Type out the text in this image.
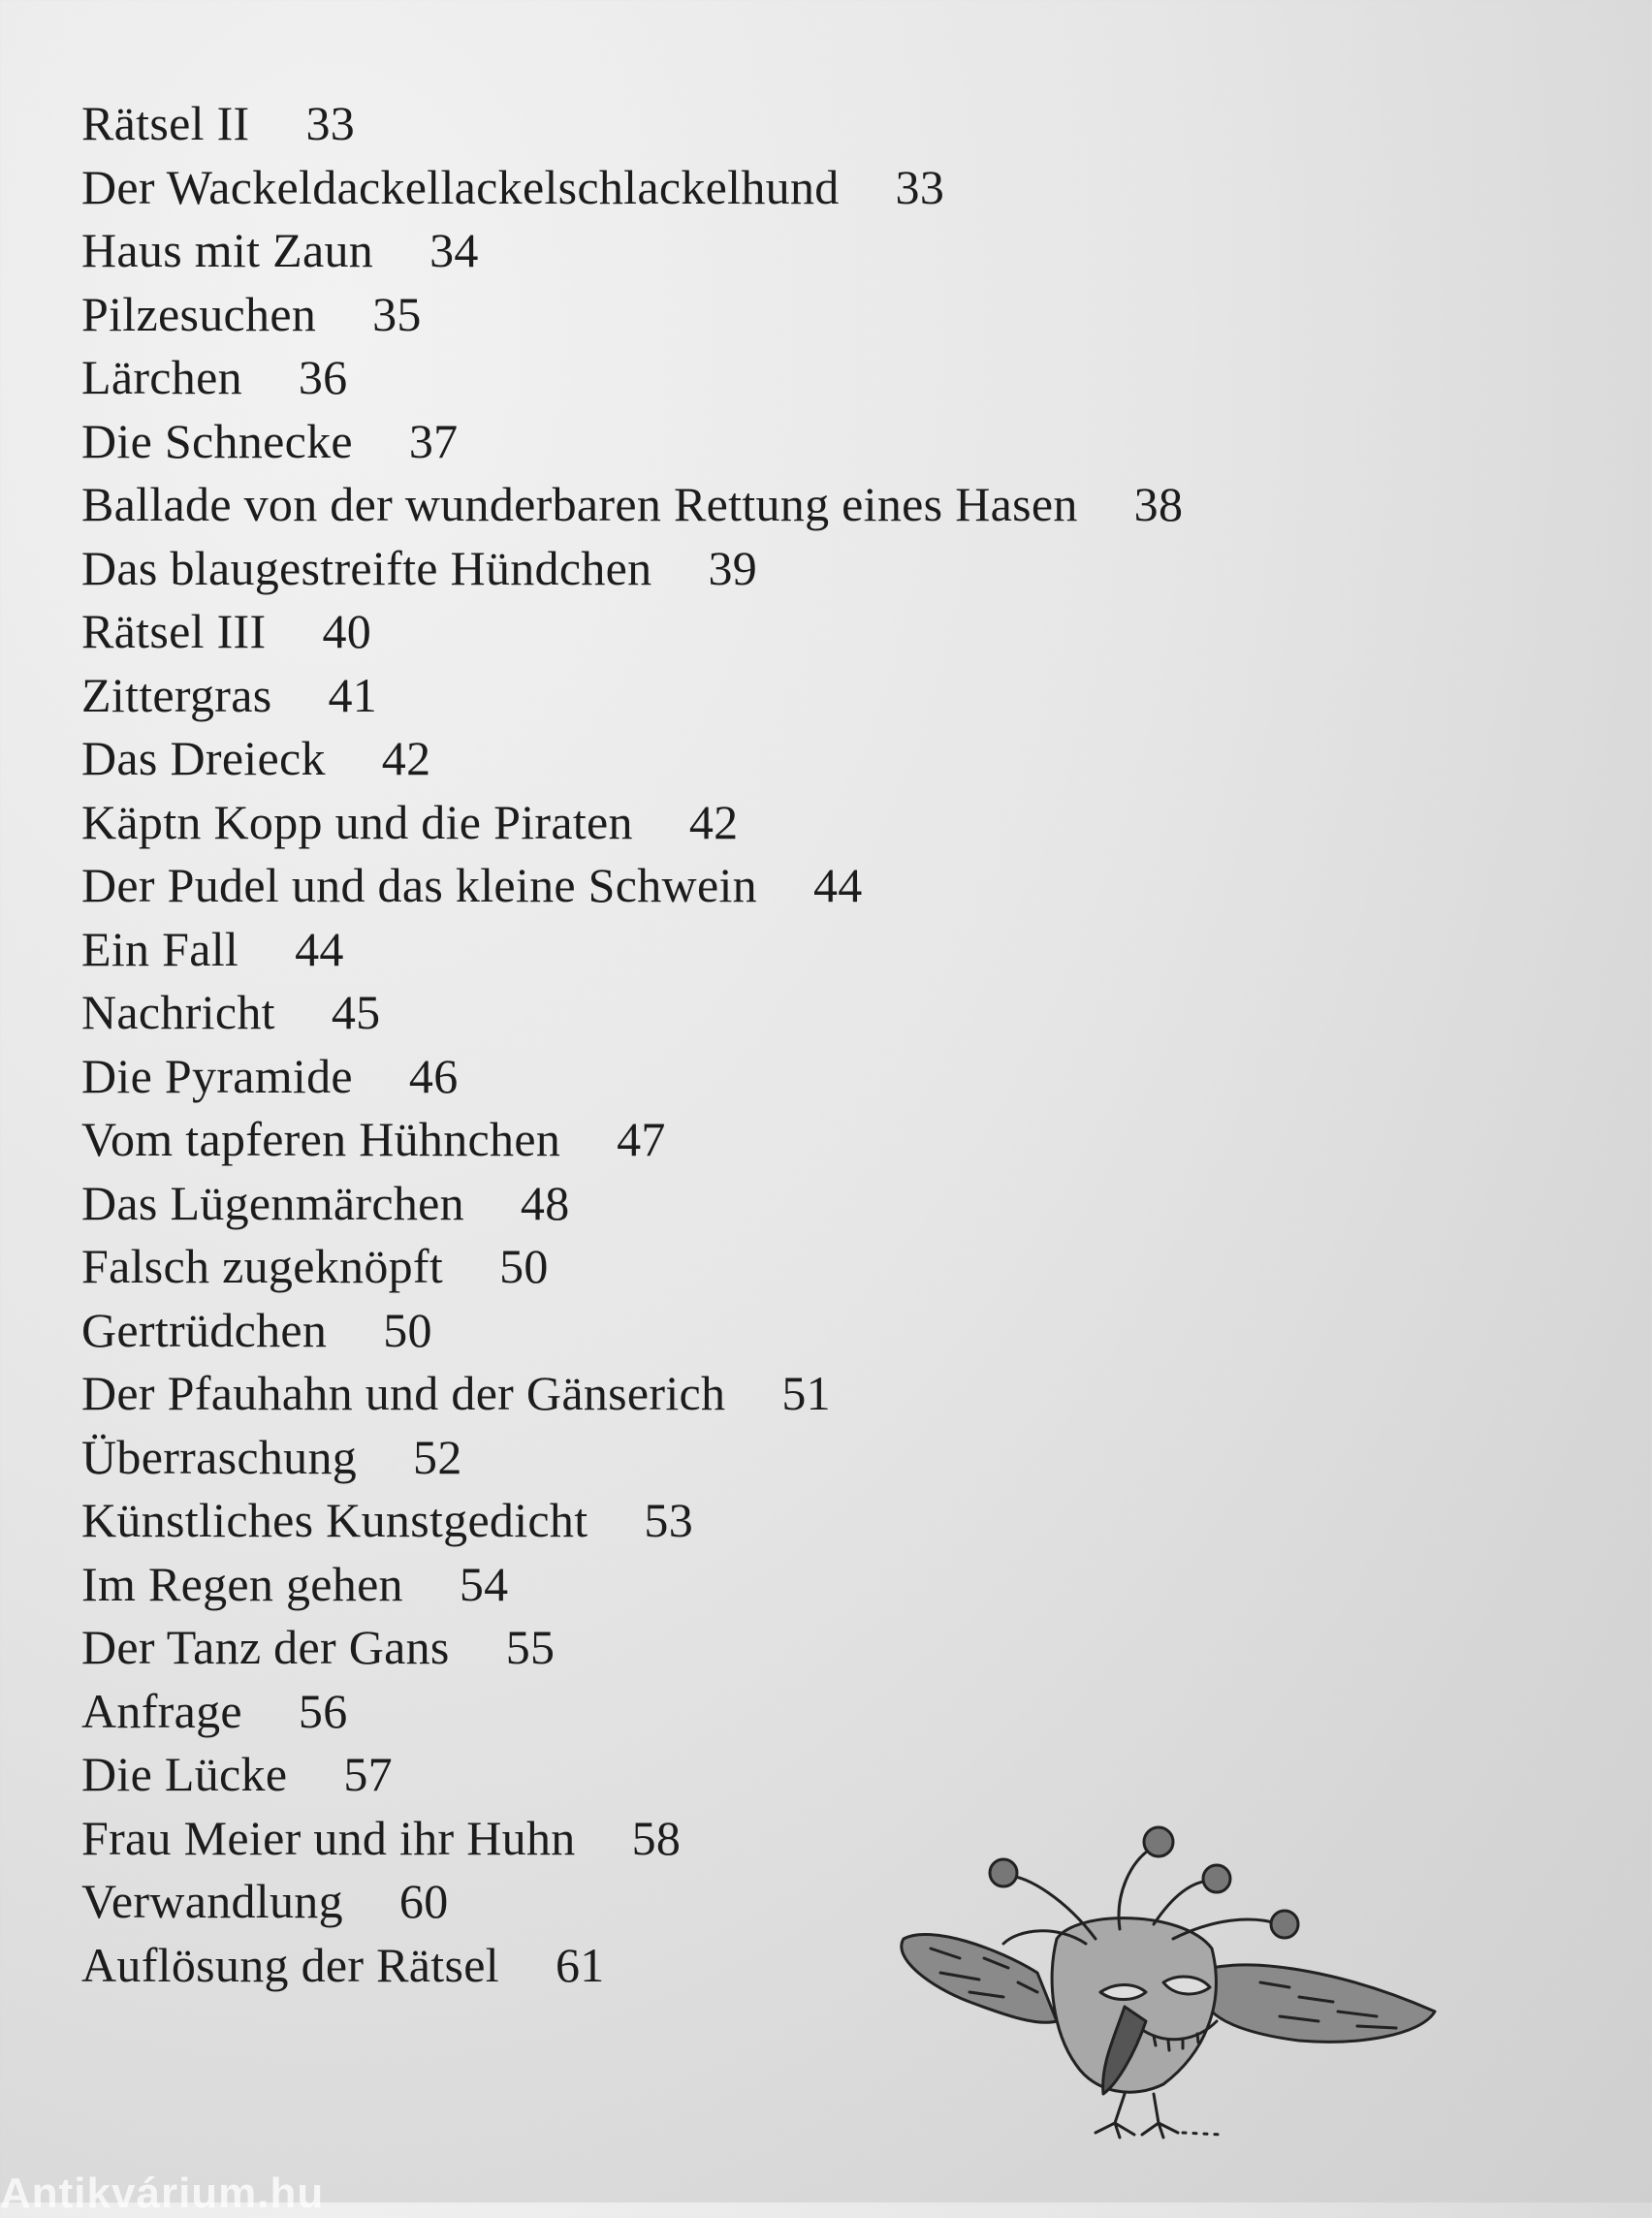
Rätsel II 33
Der Wackeldackellackelschlackelhund 33
Haus mit Zaun 34
Pilzesuchen 35
Lärchen 36
Die Schnecke 37
Ballade von der wunderbaren Rettung eines Hasen 38
Das blaugestreifte Hündchen 39
Rätsel III 40
Zittergras 41
Das Dreieck 42
Käptn Kopp und die Piraten 42
Der Pudel und das kleine Schwein 44
Ein Fall 44
Nachricht 45
Die Pyramide 46
Vom tapferen Hühnchen 47
Das Lügenmärchen 48
Falsch zugeknöpft 50
Gertrüdchen 50
Der Pfauhahn und der Gänserich 51
Überraschung 52
Künstliches Kunstgedicht 53
Im Regen gehen 54
Der Tanz der Gans 55
Anfrage 56
Die Lücke 57
Frau Meier und ihr Huhn 58
Verwandlung 60
Auflösung der Rätsel 61
Antikvárium.hu
